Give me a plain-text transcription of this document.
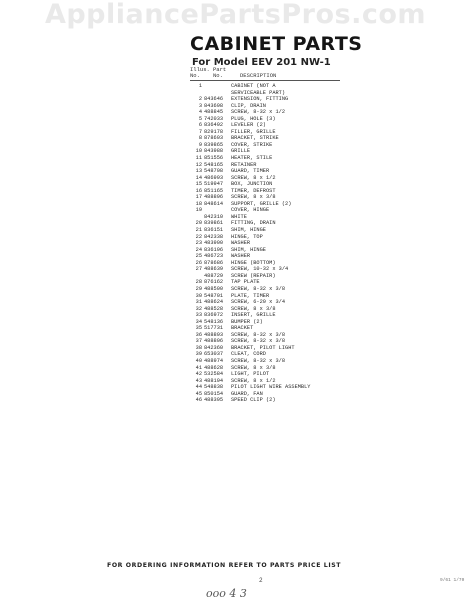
AppliancePartsPros.com
CABINET PARTS
For Model EEV 201 NW-1
Illus.
No.
Part
No.	DESCRIPTION
1	CABINET (NOT A
SERVICEABLE PART)
2 843646	EXTENSION, FITTING
3 843698	CLIP, DRAIN
4 488845	SCREW, 8-32 x 1/2
5 742033	PLUG, HOLE (3)
6 836492	LEVELER (2)
7 829178	FILLER, GRILLE
8 878603	BRACKET, STRIKE
9 839865	COVER, STRIKE
10 843988	GRILLE
11 851556	HEATER, STILE
12 548165	RETAINER
13 548708	GUARD, TIMER
14 486993	SCREW, 8 x 1/2
15 519947	BOX, JUNCTION
16 851165	TIMER, DEFROST
17 488896	SCREW, 8 x 3/8
18 848614	SUPPORT, GRILLE (2)
19	COVER, HINGE
842310	WHITE
20 839861	FITTING, DRAIN
21 836151	SHIM, HINGE
22 842338	HINGE, TOP
23 483900	WASHER
24 836196	SHIM, HINGE
25 486723	WASHER
26 878686	HINGE (BOTTOM)
27 488639	SCREW, 10-32 x 3/4
488729	SCREW (REPAIR)
28 876162	TAP PLATE
29 488500	SCREW, 8-32 x 3/8
30 548701	PLATE, TIMER
31 488624	SCREW, 6-20 x 3/4
32 488528	SCREW, 8 x 3/8
33 836972	INSERT, GRILLE
34 548136	BUMPER (2)
35 517731	BRACKET
36 488893	SCREW, 8-32 x 3/8
37 488806	SCREW, 8-32 x 3/8
38 842360	BRACKET, PILOT LIGHT
39 653037	CLEAT, CORD
40 488974	SCREW, 8-32 x 3/8
41 488628	SCREW, 8 x 3/8
42 532584	LIGHT, PILOT
43 488194	SCREW, 8 x 1/2
44 548838	PILOT LIGHT WIRE ASSEMBLY
45 850154	GUARD, FAN
46 488395	SPEED CLIP (2)
FOR ORDERING INFORMATION REFER TO PARTS PRICE LIST
2	9/61 1/70
ooo 4 3
